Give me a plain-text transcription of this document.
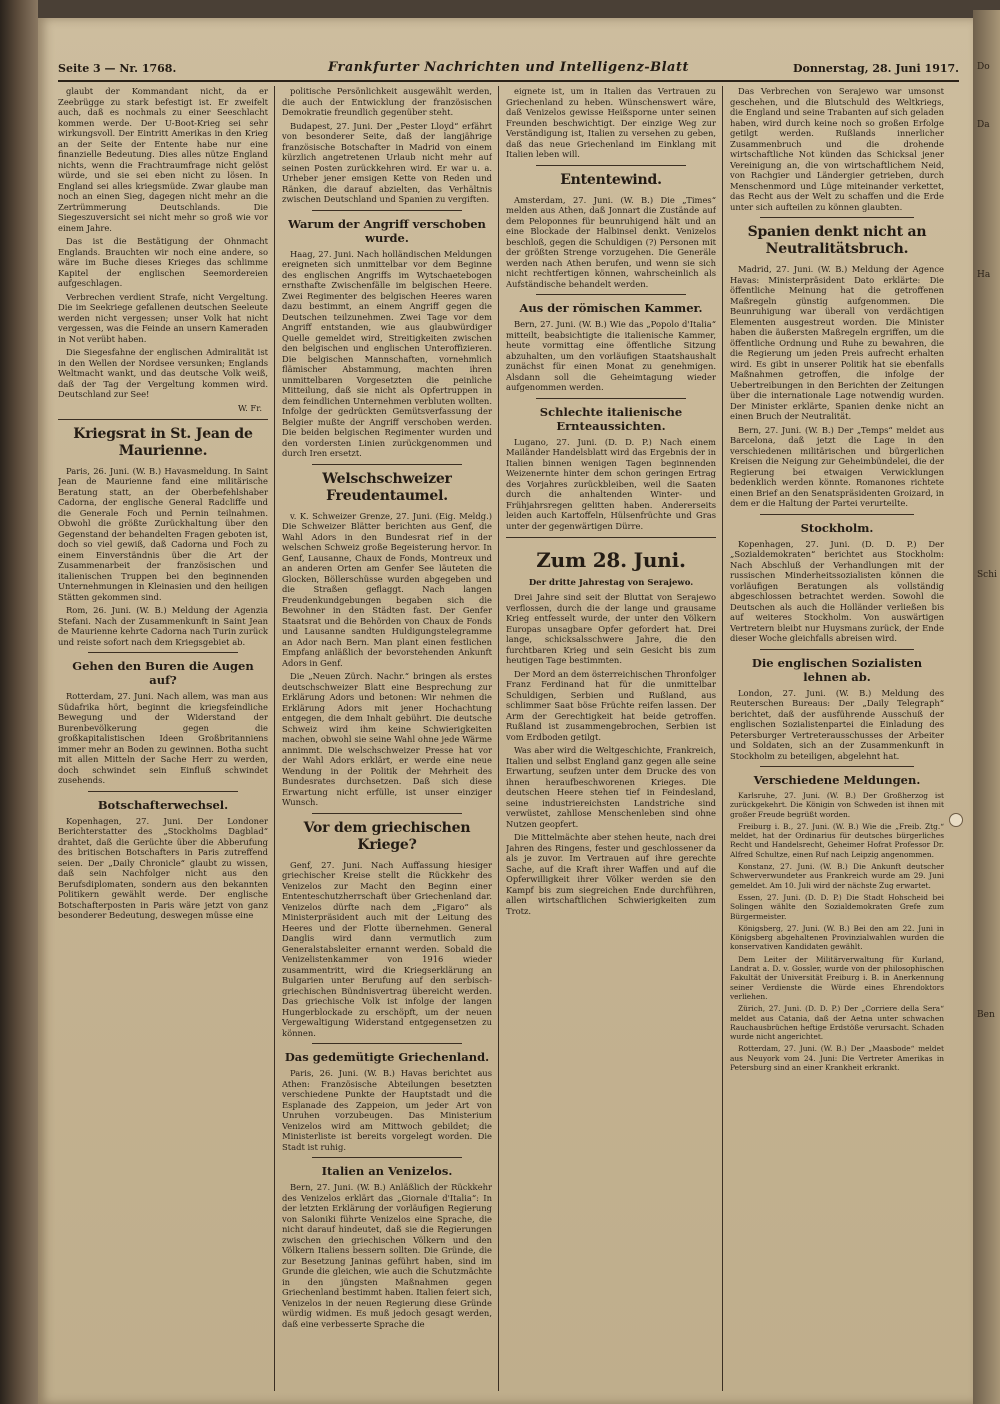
Seite 3 — Nr. 1768.	Frankfurter Nachrichten und Intelligenz-Blatt	Donnerstag, 28. Juni 1917.

glaubt der Kommandant nicht, da er Zeebrügge zu stark befestigt ist. Er zweifelt auch, daß es nochmals zu einer Seeschlacht kommen werde. Der U-Boot-Krieg sei sehr wirkungsvoll. Der Eintritt Amerikas in den Krieg an der Seite der Entente habe nur eine finanzielle Bedeutung. Dies alles nütze England nichts, wenn die Frachtraumfrage nicht gelöst würde, und sie sei eben nicht zu lösen. In England sei alles kriegsmüde. Zwar glaube man noch an einen Sieg, dagegen nicht mehr an die Zertrümmerung Deutschlands. Die Siegeszuversicht sei nicht mehr so groß wie vor einem Jahre.

Das ist die Bestätigung der Ohnmacht Englands. Brauchten wir noch eine andere, so wäre im Buche dieses Krieges das schlimme Kapitel der englischen Seemordereien aufgeschlagen.

Verbrechen verdient Strafe, nicht Vergeltung. Die im Seekriege gefallenen deutschen Seeleute werden nicht vergessen; unser Volk hat nicht vergessen, was die Feinde an unsern Kameraden in Not verübt haben.

Die Siegesfahne der englischen Admiralität ist in den Wellen der Nordsee versunken; Englands Weltmacht wankt, und das deutsche Volk weiß, daß der Tag der Vergeltung kommen wird. Deutschland zur See!

W. Fr.
Kriegsrat in St. Jean de Maurienne.

Paris, 26. Juni. (W. B.) Havasmeldung. In Saint Jean de Maurienne fand eine militärische Beratung statt, an der Oberbefehlshaber Cadorna, der englische General Radcliffe und die Generale Foch und Pernin teilnahmen. Obwohl die größte Zurückhaltung über den Gegenstand der behandelten Fragen geboten ist, doch so viel gewiß, daß Cadorna und Foch zu einem Einverständnis über die Art der Zusammenarbeit der französischen und italienischen Truppen bei den beginnenden Unternehmungen in Kleinasien und den heiligen Stätten gekommen sind.

Rom, 26. Juni. (W. B.) Meldung der Agenzia Stefani. Nach der Zusammenkunft in Saint Jean de Maurienne kehrte Cadorna nach Turin zurück und reiste sofort nach dem Kriegsgebiet ab.

Gehen den Buren die Augen auf?

Rotterdam, 27. Juni. Nach allem, was man aus Südafrika hört, beginnt die kriegsfeindliche Bewegung und der Widerstand der Burenbevölkerung gegen die großkapitalistischen Ideen Großbritanniens immer mehr an Boden zu gewinnen. Botha sucht mit allen Mitteln der Sache Herr zu werden, doch schwindet sein Einfluß schwindet zusehends.

Botschafterwechsel.

Kopenhagen, 27. Juni. Der Londoner Berichterstatter des „Stockholms Dagblad“ drahtet, daß die Gerüchte über die Abberufung des britischen Botschafters in Paris zutreffend seien. Der „Daily Chronicle“ glaubt zu wissen, daß sein Nachfolger nicht aus den Berufsdiplomaten, sondern aus den bekannten Politikern gewählt werde. Der englische Botschafterposten in Paris wäre jetzt von ganz besonderer Bedeutung, deswegen müsse eine

politische Persönlichkeit ausgewählt werden, die auch der Entwicklung der französischen Demokratie freundlich gegenüber steht.

Budapest, 27. Juni. Der „Pester Lloyd“ erfährt von besonderer Seite, daß der langjährige französische Botschafter in Madrid von einem kürzlich angetretenen Urlaub nicht mehr auf seinen Posten zurückkehren wird. Er war u. a. Urheber jener emsigen Kette von Reden und Ränken, die darauf abzielten, das Verhältnis zwischen Deutschland und Spanien zu vergiften.

Warum der Angriff verschoben wurde.

Haag, 27. Juni. Nach holländischen Meldungen ereigneten sich unmittelbar vor dem Beginne des englischen Angriffs im Wytschaetebogen ernsthafte Zwischenfälle im belgischen Heere. Zwei Regimenter des belgischen Heeres waren dazu bestimmt, an einem Angriff gegen die Deutschen teilzunehmen. Zwei Tage vor dem Angriff entstanden, wie aus glaubwürdiger Quelle gemeldet wird, Streitigkeiten zwischen den belgischen und englischen Unteroffizieren. Die belgischen Mannschaften, vornehmlich flämischer Abstammung, machten ihren unmittelbaren Vorgesetzten die peinliche Mitteilung, daß sie nicht als Opfertruppen in dem feindlichen Unternehmen verbluten wollten. Infolge der gedrückten Gemütsverfassung der Belgier mußte der Angriff verschoben werden. Die beiden belgischen Regimenter wurden und den vordersten Linien zurückgenommen und durch Iren ersetzt.

Welschschweizer Freudentaumel.

v. K. Schweizer Grenze, 27. Juni. (Eig. Meldg.) Die Schweizer Blätter berichten aus Genf, die Wahl Adors in den Bundesrat rief in der welschen Schweiz große Begeisterung hervor. In Genf, Lausanne, Chaux de Fonds, Montreux und an anderen Orten am Genfer See läuteten die Glocken, Böllerschüsse wurden abgegeben und die Straßen geflaggt. Nach langen Freudenkundgebungen begaben sich die Bewohner in den Städten fast. Der Genfer Staatsrat und die Behörden von Chaux de Fonds und Lausanne sandten Huldigungstelegramme an Ador nach Bern. Man plant einen festlichen Empfang anläßlich der bevorstehenden Ankunft Adors in Genf.

Die „Neuen Zürch. Nachr.“ bringen als erstes deutschschweizer Blatt eine Besprechung zur Erklärung Adors und betonen: Wir nehmen die Erklärung Adors mit jener Hochachtung entgegen, die dem Inhalt gebührt. Die deutsche Schweiz wird ihm keine Schwierigkeiten machen, obwohl sie seine Wahl ohne jede Wärme annimmt. Die welschschweizer Presse hat vor der Wahl Adors erklärt, er werde eine neue Wendung in der Politik der Mehrheit des Bundesrates durchsetzen. Daß sich diese Erwartung nicht erfülle, ist unser einziger Wunsch.

Vor dem griechischen Kriege?

Genf, 27. Juni. Nach Auffassung hiesiger griechischer Kreise stellt die Rückkehr des Venizelos zur Macht den Beginn einer Ententeschutzherrschaft über Griechenland dar. Venizelos dürfte nach dem „Figaro“ als Ministerpräsident auch mit der Leitung des Heeres und der Flotte übernehmen. General Danglis wird dann vermutlich zum Generalstabsleiter ernannt werden. Sobald die Venizelistenkammer von 1916 wieder zusammentritt, wird die Kriegserklärung an Bulgarien unter Berufung auf den serbisch-griechischen Bündnisvertrag übereicht werden. Das griechische Volk ist infolge der langen Hungerblockade zu erschöpft, um der neuen Vergewaltigung Widerstand entgegensetzen zu können.

Das gedemütigte Griechenland.

Paris, 26. Juni. (W. B.) Havas berichtet aus Athen: Französische Abteilungen besetzten verschiedene Punkte der Hauptstadt und die Esplanade des Zappeion, um jeder Art von Unruhen vorzubeugen. Das Ministerium Venizelos wird am Mittwoch gebildet; die Ministerliste ist bereits vorgelegt worden. Die Stadt ist ruhig.

Italien an Venizelos.

Bern, 27. Juni. (W. B.) Anläßlich der Rückkehr des Venizelos erklärt das „Giornale d'Italia“: In der letzten Erklärung der vorläufigen Regierung von Saloniki führte Venizelos eine Sprache, die nicht darauf hindeutet, daß sie die Regierungen zwischen den griechischen Völkern und den Völkern Italiens bessern sollten. Die Gründe, die zur Besetzung Janinas geführt haben, sind im Grunde die gleichen, wie auch die Schutzmächte in den jüngsten Maßnahmen gegen Griechenland bestimmt haben. Italien feiert sich, Venizelos in der neuen Regierung diese Gründe würdig widmen. Es muß jedoch gesagt werden, daß eine verbesserte Sprache die

eignete ist, um in Italien das Vertrauen zu Griechenland zu heben. Wünschenswert wäre, daß Venizelos gewisse Heißsporne unter seinen Freunden beschwichtigt. Der einzige Weg zur Verständigung ist, Italien zu versehen zu geben, daß das neue Griechenland im Einklang mit Italien leben will.

Ententewind.

Amsterdam, 27. Juni. (W. B.) Die „Times“ melden aus Athen, daß Jonnart die Zustände auf dem Peloponnes für beunruhigend hält und an eine Blockade der Halbinsel denkt. Venizelos beschloß, gegen die Schuldigen (?) Personen mit der größten Strenge vorzugehen. Die Generäle werden nach Athen berufen, und wenn sie sich nicht rechtfertigen können, wahrscheinlich als Aufständische behandelt werden.

Aus der römischen Kammer.

Bern, 27. Juni. (W. B.) Wie das „Popolo d'Italia“ mitteilt, beabsichtigte die italienische Kammer, heute vormittag eine öffentliche Sitzung abzuhalten, um den vorläufigen Staatshaushalt zunächst für einen Monat zu genehmigen. Alsdann soll die Geheimtagung wieder aufgenommen werden.

Schlechte italienische Ernteaussichten.

Lugano, 27. Juni. (D. D. P.) Nach einem Mailänder Handelsblatt wird das Ergebnis der in Italien binnen wenigen Tagen beginnenden Weizenernte hinter dem schon geringen Ertrag des Vorjahres zurückbleiben, weil die Saaten durch die anhaltenden Winter- und Frühjahrsregen gelitten haben. Andererseits leiden auch Kartoffeln, Hülsenfrüchte und Gras unter der gegenwärtigen Dürre.

Zum 28. Juni.
Der dritte Jahrestag von Serajewo.

Drei Jahre sind seit der Bluttat von Serajewo verflossen, durch die der lange und grausame Krieg entfesselt wurde, der unter den Völkern Europas unsagbare Opfer gefordert hat. Drei lange, schicksalsschwere Jahre, die den furchtbaren Krieg und sein Gesicht bis zum heutigen Tage bestimmten.

Der Mord an dem österreichischen Thronfolger Franz Ferdinand hat für die unmittelbar Schuldigen, Serbien und Rußland, aus schlimmer Saat böse Früchte reifen lassen. Der Arm der Gerechtigkeit hat beide getroffen. Rußland ist zusammengebrochen, Serbien ist vom Erdboden getilgt.

Was aber wird die Weltgeschichte, Frankreich, Italien und selbst England ganz gegen alle seine Erwartung, seufzen unter dem Drucke des von ihnen heraufbeschworenen Krieges. Die deutschen Heere stehen tief in Feindesland, seine industriereichsten Landstriche sind verwüstet, zahllose Menschenleben sind ohne Nutzen geopfert.

Die Mittelmächte aber stehen heute, nach drei Jahren des Ringens, fester und geschlossener da als je zuvor. Im Vertrauen auf ihre gerechte Sache, auf die Kraft ihrer Waffen und auf die Opferwilligkeit ihrer Völker werden sie den Kampf bis zum siegreichen Ende durchführen, allen wirtschaftlichen Schwierigkeiten zum Trotz.

Das Verbrechen von Serajewo war umsonst geschehen, und die Blutschuld des Weltkriegs, die England und seine Trabanten auf sich geladen haben, wird durch keine noch so großen Erfolge getilgt werden. Rußlands innerlicher Zusammenbruch und die drohende wirtschaftliche Not künden das Schicksal jener Vereinigung an, die von wirtschaftlichem Neid, von Rachgier und Ländergier getrieben, durch Menschenmord und Lüge miteinander verkettet, das Recht aus der Welt zu schaffen und die Erde unter sich aufteilen zu können glaubten.

Spanien denkt nicht an Neutralitätsbruch.

Madrid, 27. Juni. (W. B.) Meldung der Agence Havas: Ministerpräsident Dato erklärte: Die öffentliche Meinung hat die getroffenen Maßregeln günstig aufgenommen. Die Beunruhigung war überall von verdächtigen Elementen ausgestreut worden. Die Minister haben die äußersten Maßregeln ergriffen, um die öffentliche Ordnung und Ruhe zu bewahren, die die Regierung um jeden Preis aufrecht erhalten wird. Es gibt in unserer Politik hat sie ebenfalls Maßnahmen getroffen, die infolge der Uebertreibungen in den Berichten der Zeitungen über die internationale Lage notwendig wurden. Der Minister erklärte, Spanien denke nicht an einen Bruch der Neutralität.

Bern, 27. Juni. (W. B.) Der „Temps“ meldet aus Barcelona, daß jetzt die Lage in den verschiedenen militärischen und bürgerlichen Kreisen die Neigung zur Geheimbündelei, die der Regierung bei etwaigen Verwicklungen bedenklich werden könnte. Romanones richtete einen Brief an den Senatspräsidenten Groizard, in dem er die Haltung der Partei verurteilte.

Stockholm.

Kopenhagen, 27. Juni. (D. D. P.) Der „Sozialdemokraten“ berichtet aus Stockholm: Nach Abschluß der Verhandlungen mit der russischen Minderheitssozialisten können die vorläufigen Beratungen als vollständig abgeschlossen betrachtet werden. Sowohl die Deutschen als auch die Holländer verließen bis auf weiteres Stockholm. Von auswärtigen Vertretern bleibt nur Huysmans zurück, der Ende dieser Woche gleichfalls abreisen wird.

Die englischen Sozialisten lehnen ab.

London, 27. Juni. (W. B.) Meldung des Reuterschen Bureaus: Der „Daily Telegraph“ berichtet, daß der ausführende Ausschuß der englischen Sozialistenpartei die Einladung des Petersburger Vertreterausschusses der Arbeiter und Soldaten, sich an der Zusammenkunft in Stockholm zu beteiligen, abgelehnt hat.

Verschiedene Meldungen.

Karlsruhe, 27. Juni. (W. B.) Der Großherzog ist zurückgekehrt. Die Königin von Schweden ist ihnen mit großer Freude begrüßt worden.

Freiburg i. B., 27. Juni. (W. B.) Wie die „Freib. Ztg.“ meldet, hat der Ordinarius für deutsches bürgerliches Recht und Handelsrecht, Geheimer Hofrat Professor Dr. Alfred Schultze, einen Ruf nach Leipzig angenommen.

Konstanz, 27. Juni. (W. B.) Die Ankunft deutscher Schwerverwundeter aus Frankreich wurde am 29. Juni gemeldet. Am 10. Juli wird der nächste Zug erwartet.

Essen, 27. Juni. (D. D. P.) Die Stadt Hohscheid bei Solingen wählte den Sozialdemokraten Grefe zum Bürgermeister.

Königsberg, 27. Juni. (W. B.) Bei den am 22. Juni in Königsberg abgehaltenen Provinzialwahlen wurden die konservativen Kandidaten gewählt.

Dem Leiter der Militärverwaltung für Kurland, Landrat a. D. v. Gossler, wurde von der philosophischen Fakultät der Universität Freiburg i. B. in Anerkennung seiner Verdienste die Würde eines Ehrendoktors verliehen.

Zürich, 27. Juni. (D. D. P.) Der „Corriere della Sera“ meldet aus Catania, daß der Aetna unter schwachen Rauchausbrüchen heftige Erdstöße verursacht. Schaden wurde nicht angerichtet.

Rotterdam, 27. Juni. (W. B.) Der „Maasbode“ meldet aus Neuyork vom 24. Juni: Die Vertreter Amerikas in Petersburg sind an einer Krankheit erkrankt.

Do
Da
Ha
Schi
Ben
